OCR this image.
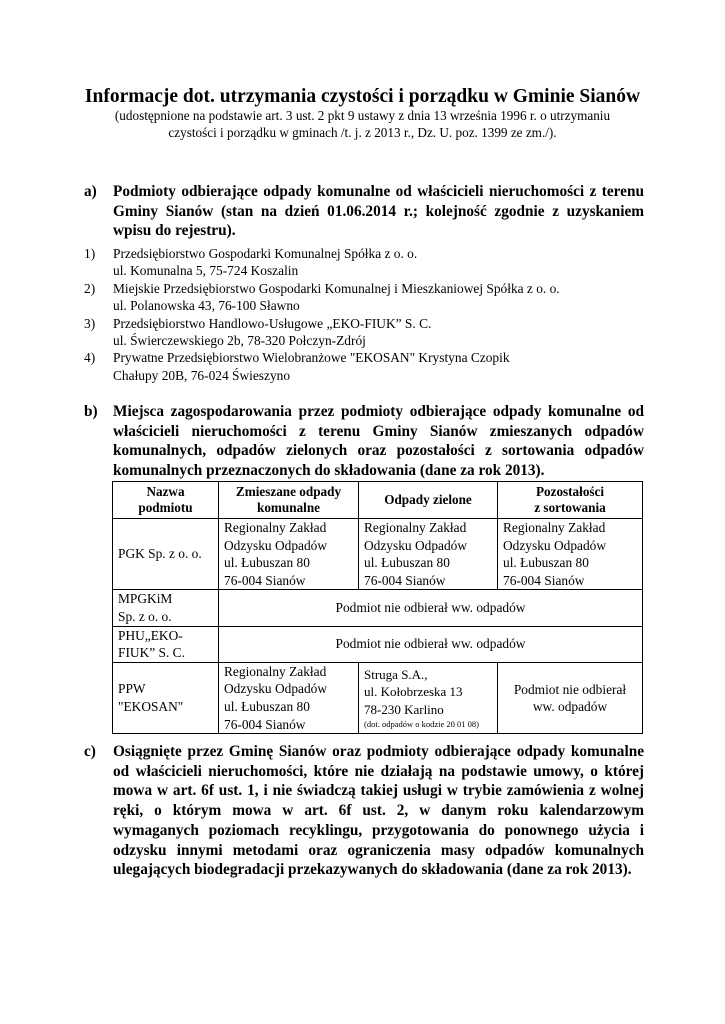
Informacje dot. utrzymania czystości i porządku w Gminie Sianów
(udostępnione na podstawie art. 3 ust. 2 pkt 9 ustawy z dnia 13 września 1996 r. o utrzymaniu czystości i porządku w gminach /t. j. z 2013 r., Dz. U. poz. 1399 ze zm./).
a) Podmioty odbierające odpady komunalne od właścicieli nieruchomości z terenu Gminy Sianów (stan na dzień 01.06.2014 r.; kolejność zgodnie z uzyskaniem wpisu do rejestru).

1) Przedsiębiorstwo Gospodarki Komunalnej Spółka z o. o.
ul. Komunalna 5, 75-724 Koszalin
2) Miejskie Przedsiębiorstwo Gospodarki Komunalnej i Mieszkaniowej Spółka z o. o.
ul. Polanowska 43, 76-100 Sławno
3) Przedsiębiorstwo Handlowo-Usługowe „EKO-FIUK” S. C.
ul. Świerczewskiego 2b, 78-320 Połczyn-Zdrój
4) Prywatne Przedsiębiorstwo Wielobranżowe "EKOSAN" Krystyna Czopik
Chałupy 20B, 76-024 Świeszyno
b) Miejsca zagospodarowania przez podmioty odbierające odpady komunalne od właścicieli nieruchomości z terenu Gminy Sianów zmieszanych odpadów komunalnych, odpadów zielonych oraz pozostałości z sortowania odpadów komunalnych przeznaczonych do składowania (dane za rok 2013).

Nazwa
podmiotu	Zmieszane odpady
komunalne	Odpady zielone	Pozostałości
z sortowania

PGK Sp. z o. o.	Regionalny Zakład
Odzysku Odpadów
ul. Łubuszan 80
76-004 Sianów	Regionalny Zakład
Odzysku Odpadów
ul. Łubuszan 80
76-004 Sianów	Regionalny Zakład
Odzysku Odpadów
ul. Łubuszan 80
76-004 Sianów

MPGKiM
Sp. z o. o.	Podmiot nie odbierał ww. odpadów		

PHU„EKO-
FIUK” S. C.	Podmiot nie odbierał ww. odpadów		

PPW
"EKOSAN"	Regionalny Zakład
Odzysku Odpadów
ul. Łubuszan 80
76-004 Sianów	Struga S.A.,
ul. Kołobrzeska 13
78-230 Karlino
(dot. odpadów o kodzie 20 01 08)	Podmiot nie odbierał
ww. odpadów
c) Osiągnięte przez Gminę Sianów oraz podmioty odbierające odpady komunalne od właścicieli nieruchomości, które nie działają na podstawie umowy, o której mowa w art. 6f ust. 1, i nie świadczą takiej usługi w trybie zamówienia z wolnej ręki, o którym mowa w art. 6f ust. 2, w danym roku kalendarzowym wymaganych poziomach recyklingu, przygotowania do ponownego użycia i odzysku innymi metodami oraz ograniczenia masy odpadów komunalnych ulegających biodegradacji przekazywanych do składowania (dane za rok 2013).
